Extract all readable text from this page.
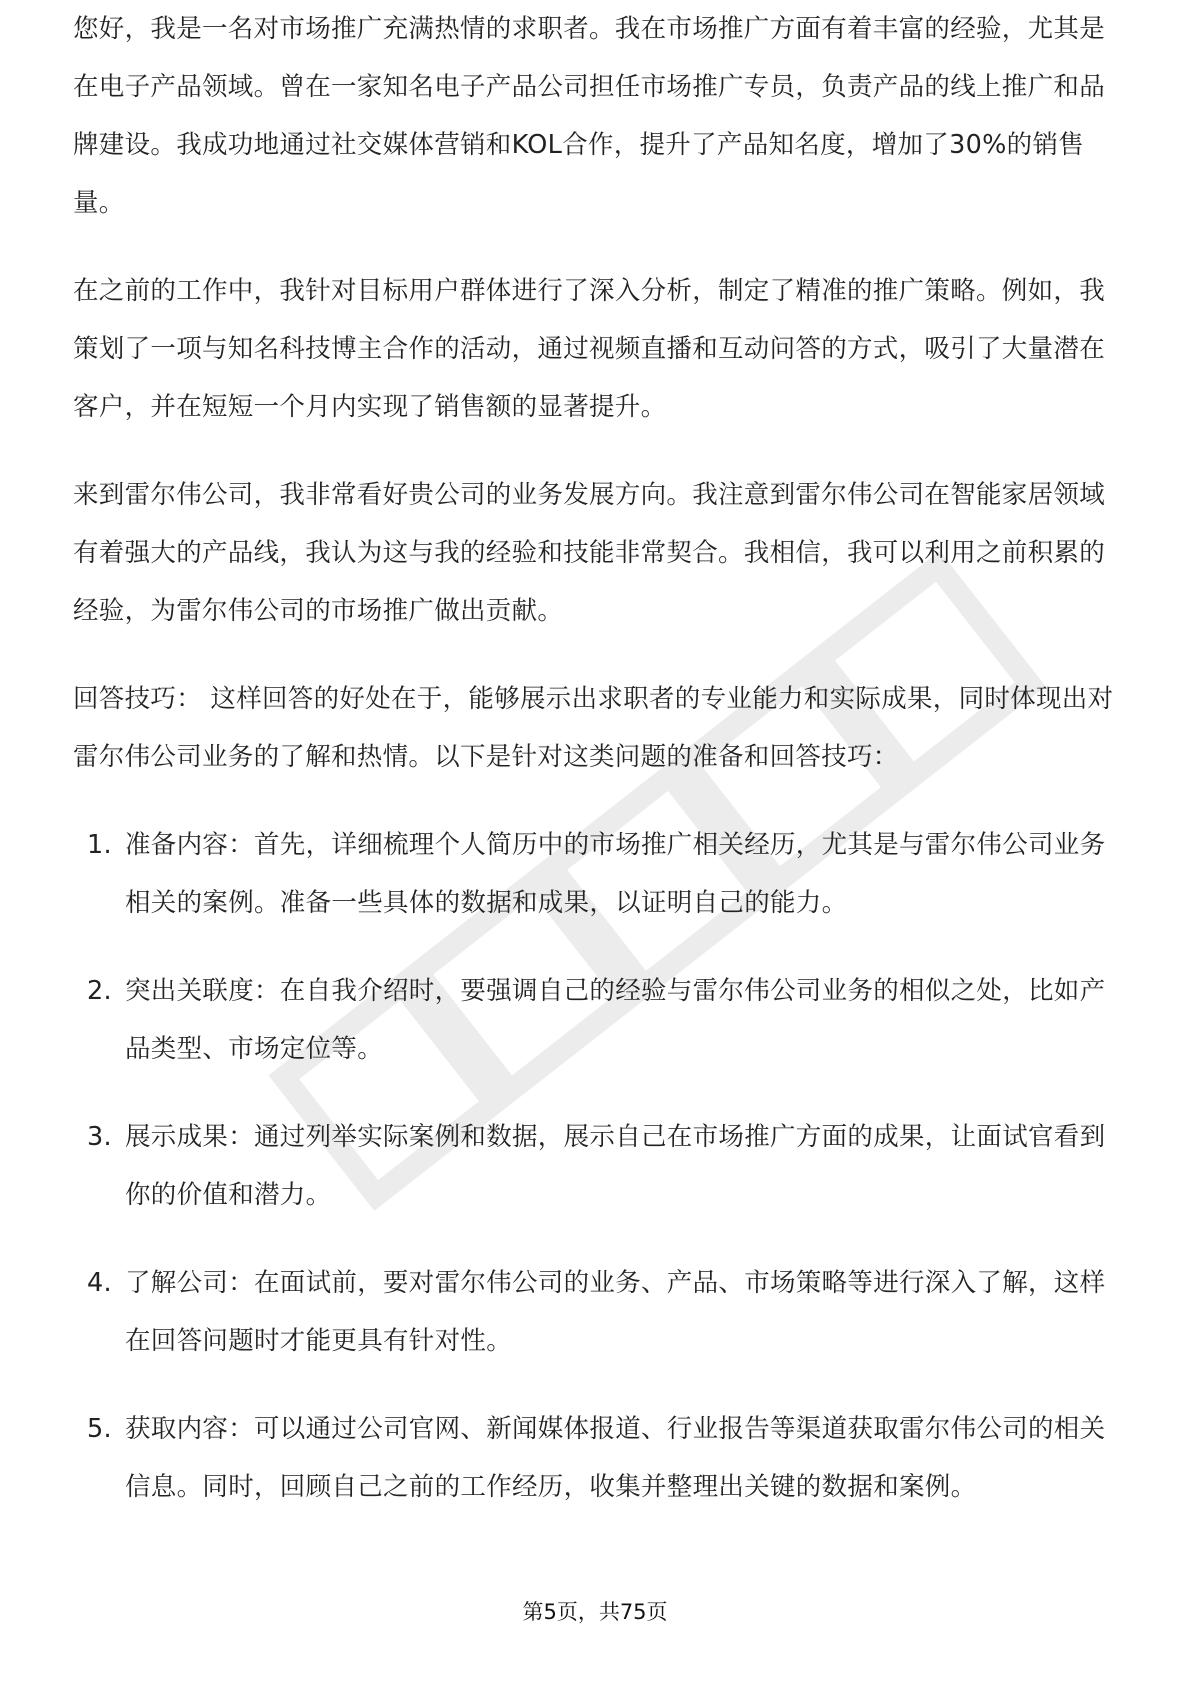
您好，我是一名对市场推广充满热情的求职者。我在市场推广方面有着丰富的经验，尤其是在电子产品领域。曾在一家知名电子产品公司担任市场推广专员，负责产品的线上推广和品牌建设。我成功地通过社交媒体营销和KOL合作，提升了产品知名度，增加了30%的销售量。

在之前的工作中，我针对目标用户群体进行了深入分析，制定了精准的推广策略。例如，我策划了一项与知名科技博主合作的活动，通过视频直播和互动问答的方式，吸引了大量潜在客户，并在短短一个月内实现了销售额的显著提升。

来到雷尔伟公司，我非常看好贵公司的业务发展方向。我注意到雷尔伟公司在智能家居领域有着强大的产品线，我认为这与我的经验和技能非常契合。我相信，我可以利用之前积累的经验，为雷尔伟公司的市场推广做出贡献。

回答技巧： 这样回答的好处在于，能够展示出求职者的专业能力和实际成果，同时体现出对雷尔伟公司业务的了解和热情。以下是针对这类问题的准备和回答技巧：

1. 准备内容：首先，详细梳理个人简历中的市场推广相关经历，尤其是与雷尔伟公司业务相关的案例。准备一些具体的数据和成果，以证明自己的能力。
2. 突出关联度：在自我介绍时，要强调自己的经验与雷尔伟公司业务的相似之处，比如产品类型、市场定位等。
3. 展示成果：通过列举实际案例和数据，展示自己在市场推广方面的成果，让面试官看到你的价值和潜力。
4. 了解公司：在面试前，要对雷尔伟公司的业务、产品、市场策略等进行深入了解，这样在回答问题时才能更具有针对性。
5. 获取内容：可以通过公司官网、新闻媒体报道、行业报告等渠道获取雷尔伟公司的相关信息。同时，回顾自己之前的工作经历，收集并整理出关键的数据和案例。
第5页，共75页
